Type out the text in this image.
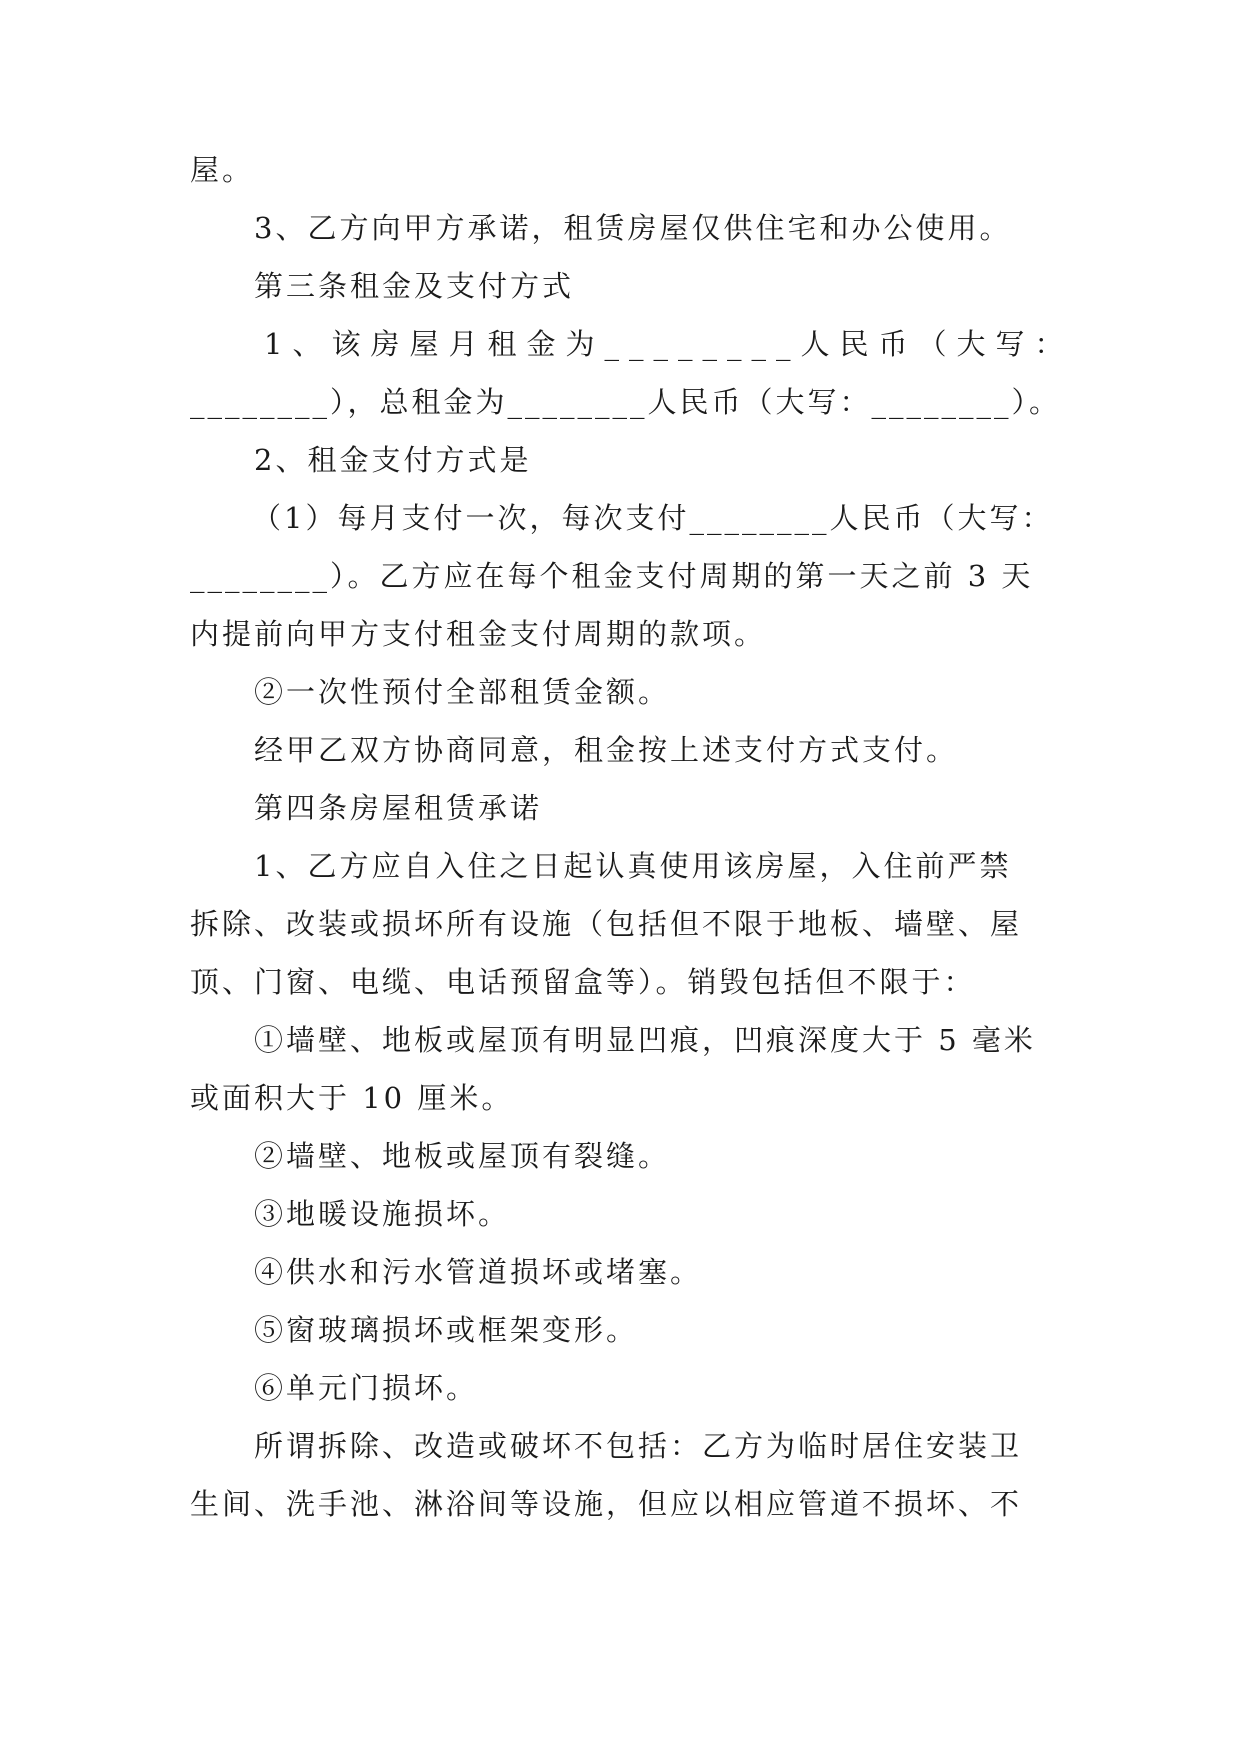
屋。
3、乙方向甲方承诺，租赁房屋仅供住宅和办公使用。
第三条租金及支付方式
1、该房屋月租金为________人民币（大写：
________），总租金为________人民币（大写：________）。
2、租金支付方式是
（1）每月支付一次，每次支付________人民币（大写：
________）。乙方应在每个租金支付周期的第一天之前 3 天
内提前向甲方支付租金支付周期的款项。
②一次性预付全部租赁金额。
经甲乙双方协商同意，租金按上述支付方式支付。
第四条房屋租赁承诺
1、乙方应自入住之日起认真使用该房屋，入住前严禁
拆除、改装或损坏所有设施（包括但不限于地板、墙壁、屋
顶、门窗、电缆、电话预留盒等）。销毁包括但不限于：
①墙壁、地板或屋顶有明显凹痕，凹痕深度大于 5 毫米
或面积大于 10 厘米。
②墙壁、地板或屋顶有裂缝。
③地暖设施损坏。
④供水和污水管道损坏或堵塞。
⑤窗玻璃损坏或框架变形。
⑥单元门损坏。
所谓拆除、改造或破坏不包括：乙方为临时居住安装卫
生间、洗手池、淋浴间等设施，但应以相应管道不损坏、不
